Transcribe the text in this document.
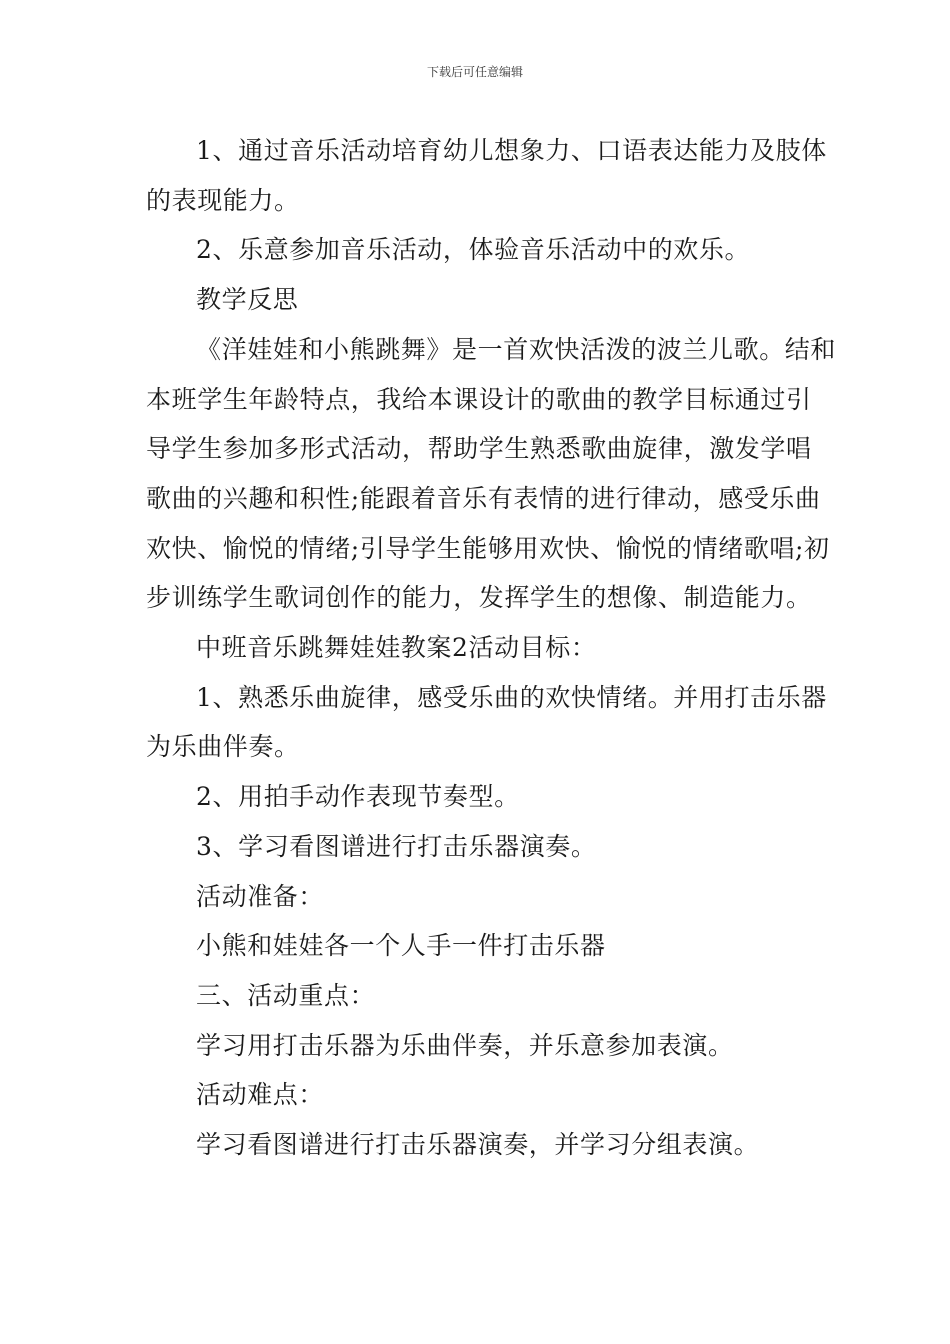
下载后可任意编辑

1、通过音乐活动培育幼儿想象力、口语表达能力及肢体的表现能力。

2、乐意参加音乐活动，体验音乐活动中的欢乐。

教学反思

《洋娃娃和小熊跳舞》是一首欢快活泼的波兰儿歌。结和本班学生年龄特点，我给本课设计的歌曲的教学目标通过引导学生参加多形式活动，帮助学生熟悉歌曲旋律，激发学唱歌曲的兴趣和积性;能跟着音乐有表情的进行律动，感受乐曲欢快、愉悦的情绪;引导学生能够用欢快、愉悦的情绪歌唱;初步训练学生歌词创作的能力，发挥学生的想像、制造能力。

中班音乐跳舞娃娃教案2活动目标：

1、熟悉乐曲旋律，感受乐曲的欢快情绪。并用打击乐器为乐曲伴奏。

2、用拍手动作表现节奏型。

3、学习看图谱进行打击乐器演奏。

活动准备：

小熊和娃娃各一个人手一件打击乐器

三、活动重点：

学习用打击乐器为乐曲伴奏，并乐意参加表演。

活动难点：

学习看图谱进行打击乐器演奏，并学习分组表演。
